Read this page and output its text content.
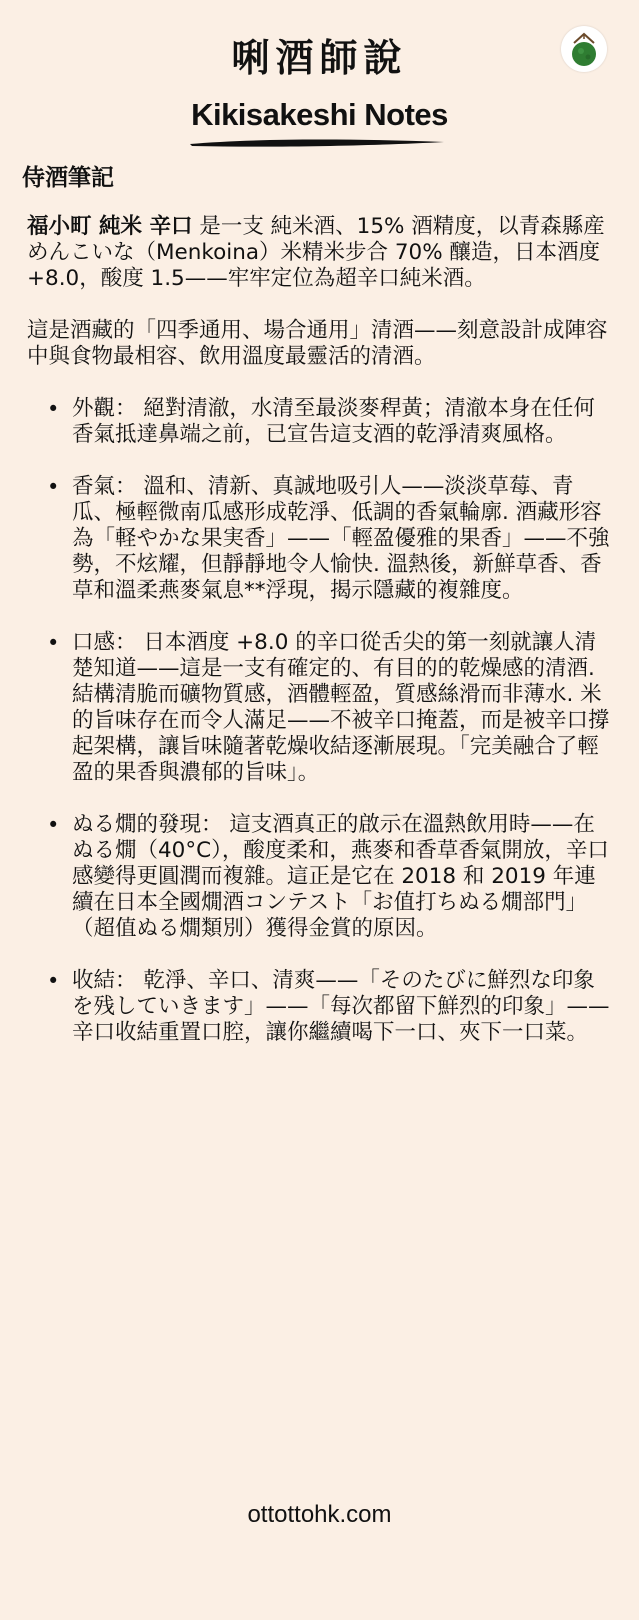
唎酒師說
Kikisakeshi Notes
侍酒筆記

福小町 純米 辛口 是一支 純米酒、15% 酒精度，以青森縣産めんこいな（Menkoina）米精米步合 70% 釀造，日本酒度 +8.0，酸度 1.5——牢牢定位為超辛口純米酒。

這是酒藏的「四季通用、場合通用」清酒——刻意設計成陣容中與食物最相容、飲用溫度最靈活的清酒。

• 外觀： 絕對清澈，水清至最淡麥稈黃；清澈本身在任何香氣抵達鼻端之前，已宣告這支酒的乾淨清爽風格。
• 香氣： 溫和、清新、真誠地吸引人——淡淡草莓、青瓜、極輕微南瓜感形成乾淨、低調的香氣輪廓. 酒藏形容為「軽やかな果実香」——「輕盈優雅的果香」——不強勢，不炫耀，但靜靜地令人愉快. 溫熱後，新鮮草香、香草和溫柔燕麥氣息**浮現，揭示隱藏的複雜度。
• 口感： 日本酒度 +8.0 的辛口從舌尖的第一刻就讓人清楚知道——這是一支有確定的、有目的的乾燥感的清酒. 結構清脆而礦物質感，酒體輕盈，質感絲滑而非薄水. 米的旨味存在而令人滿足——不被辛口掩蓋，而是被辛口撐起架構，讓旨味隨著乾燥收結逐漸展現。「完美融合了輕盈的果香與濃郁的旨味」。
• ぬる燗的發現： 這支酒真正的啟示在溫熱飲用時——在ぬる燗（40°C），酸度柔和，燕麥和香草香氣開放，辛口感變得更圓潤而複雜。這正是它在 2018 和 2019 年連續在日本全國燗酒コンテスト「お值打ちぬる燗部門」（超值ぬる燗類別）獲得金賞的原因。
• 收結： 乾淨、辛口、清爽——「そのたびに鮮烈な印象を残していきます」——「每次都留下鮮烈的印象」——辛口收結重置口腔，讓你繼續喝下一口、夾下一口菜。
ottottohk.com
